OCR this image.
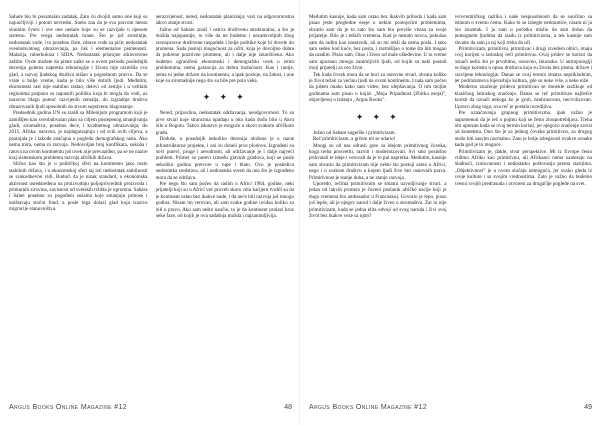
Sahare bio bi posamalan zadatak. Zato ću dvojiti samo one koji su najuočljiviji i potom nevredni. Snelo zna da je sva pravom mestu sionnim čvoru i sve one nedaće koje su se razvijale u njenom sistemu. Pre svega nedostatak hrane. Što je još stroslnije, nedostatak vode, i to posebno čiste, zdrave vode za piće; nedostatak sveobuhvatnog obrazovanja, pa čak i elementarne pismenosti. Malarija, tuberkuloza i SIDA. Nedostatak pristojne zdravstvene zaštite. Ovde možete da pitate zašto se u ovom periodu poslednjih decenija golema napretka tehnologije i života nije razrešila ova glad, a razvoj ljudskog društva otišao u pogrešnom pravcu. Da se vrate u bolje vreme, kada je bilo više dobrih ljudi. Međutim, ekonomski rast nije stabilno rastao, delovi od zemlje i u velikim regionima potpuno su napustili politiku koja bi mogla da vodi, uz naravno blagu pomoć razvijenih zemalja, do izgradnje društva obrazovanih ljudi sposobnih da stvore sopstveno blagostanje.

Predsednik godina UN su izašli sa Milenijum programom koji je zamišljen kao sveobuhvatan plan sa ciljem postepenog smanjivanja gladi, siromaštva, posebno dece, i kvalitetnog obrazovanja; do 2015. Afrika, naravno, je najdugotrajnija i od svih ovih ciljeva, a postojala je i takođe značajna u pogledu demografskog rasta. Ako nema mira, nema ni razvoja. Nedovoljan broj konflikata, sukoba i ratova na ovom kontinentu još uvek nije prevaziđen, pa se ne nazire kraj sistemskom problemu razvoja afričkih država.

Slično kao što je u političkoj sferi na kontinentu jako malo stabilnih država, i u ekonomskoj sferi taj isti nedostatak stabilnosti se svakodnevno vidi. Budući da je nizak standard, a ekonomska aktivnost usredsređena na proizvodnju poljoprivrednih proizvoda i primarnih sirovina, zavisnost od svetskih tržišta je ogromna. Sahara i Sahel posebno su pogođeni sušama koje smanjuju prinose i uništavaju stočni fond, a posle toga dolazi glad koja izaziva migracije stanovništva.

nerazvijenost, nered, nedostatak planiranja; vezi na odgovornostna takvo stanje stvari.

Južno od Sahare znači i ostrva društvenu strukturalnu, a što je možda najopasnije, to više da ne budemo i nezadovoljnih zbog ravnopravne društvene raspodele i bolje politike koje bi dovele do promena. Sada postoji mogućnost za očiti, koja je dovoljno dobra da pokrene pozitivne promene, ali i dalje nije iskorišćena. Ako budemo ograničeni ekonomski i demografski uvek u istim problemima, nema garancija za dobru budućnost. Kao i ranije, nema ni jedne države na kontinentu, a ipak postoje, na žalost, i one koje su siromašnije nego što su bile pre pola veka.

✦ ✦ ✦

Nered, prijavdina, nedostatak održavanja, neodgovornost. To su prve stvari koje strancima upadaju u oko kada dođu bilo u Akru bilo u Bogotu. Takvo iskustvo je moguće u skoro svakom afričkom gradu.

Doduše, u posednjih nekoliko decenija uloženo je u razne infrastrukturne projekte, i oni su doneli prve plodove. Izgrađeni su novi putevi, pruge i aerodromi, ali održavanje je i dalje najveći problem. Primer su putevi između glavnih gradova, koji se posle nekoliko godina pretvore u rupe i blato. Ovo je posledica nedostatka sredstava, ali i nedostatka svesti da ono što je izgrađeno mora da se održava.

Pre nego što sam počeo da radim u Africi 1984. godine, neki prijatelji koji su u Africi već proveli skoro celu karijeru tvrdili su da je kontinent ostao bez ikakve nade, i da neće biti razvoja još mnogo godina. Nisam im verovao, ali sam svake godine uviđao koliko su bili u pravu. Ako sam nešto naučio, to je da kontinent prolazi kroz neke faze, od kojih je ova sadašnja možda i najzanimljivija.

Argus Books Online Magazine #12	48

Međutim kasnije, kada sam ostao bez ikakvih prihoda i kada sam pisao jeste pregledne eseje o nekim postojećim problemima, shvatio sam da je to zato što sam bio previše vezan za svoje prijatelje. Bilo je i teških vremena. Kad je nestalo novca, pokušao sam da radim kao nastavnik, ali su mi rekli da nema posla. I tako sam sedeo kod kuće, bez posla, i razmišljao o tome šta bih mogao da uradim. Pisao sam, čitao i živeo od male ušteđevine. U to vreme sam upoznao mnogo zanimljivih ljudi, od kojih su neki postali moji prijatelji za ceo život.

Tek kada čovek mora da se bori za osnovne stvari, shvata koliko je život težak za većinu ljudi na ovom kontinentu. I tada sam počeo da pišem onako kako sam video, bez ulepšavanja. O tim mojim godinama sam pisao u knjizi „Moja Pripadnost (Zbirka eseja)”, objavljenoj u izdanju „Argus Books”.

✦ ✦ ✦

Južno od Sahare sugeriše i primitivizam.

Reč primitivizam, a grčem mi se udario!

Mnogi su od nas odrasli gore sa idejom primitivnog čoveka, koga treba prosvetiti, razviti i modernizovati. Svi smo poslušno prihvatali te ideje i verovali da je to put napretka. Međutim, kasnije sam shvatio da primitivizam nije nešto što postoji samo u Africi, nego i u svakom društvu u kojem ljudi žive bez osnovnih prava. Primitivnost je stanje duha, a ne stanje razvoja.

Uporedo, rečima primitivnim se smatra uzvodjivanje stvari, a jedan od takvih primera je čuveni poslanik afričke nacije koji je dugo vremena bio ambasador u Francuskoj. Govorio je lepo, pisao još lepše, ali je njegov narod i dalje živeo u siromaštvu. Zar to nije primitivizam, kada se jedna elita odvoji od svog naroda i živi svoj život bez ikakve veze sa njim?

evrocentričkog razlika i naše nesposobnosti da se suočimo sa istinom o svemu čemu. Kako bi se izbegle nedoumice, nisam ni ja bio izuzetak. I ja sam u početku mislio da sam došao da pomognem ljudima da izađu iz primitivizma, a tek kasnije sam shvatio da sam ja taj koji treba da uči.

Primitivizam, primitivni, primitivac i drugi izvedeni oblici, imaju svoj korijen u latinskoj reči primitivus. Ovaj pridev se koristi da označi nešto što je prvobitno, osnovno, iskonsko. U antropologiji se dugo koristio u opisu društava koja su živela bez pisma, države i razvijene tehnologije. Danas se ovaj termin smatra neprikladnim, jer podrazumeva hijerarhiju kultura, gde su neke više, a neke niže.

Moderno značenje prideva primitivan se donekle razlikuje od klasičnog latinskog značenja. Danas se reč primitivan najčešće koristi da označi nekoga ko je grub, neobrazovan, necivilizovan. Upravo zbog toga, ova reč je postala uvredljiva.

Pre označavanja grupnog primitivizma, ipak važno je napomenuti da je reč o pojmu koji se često zloupotrebljava. Treba biti oprezan kada se ovaj termin koristi, jer njegovo značenje zavisi od konteksta. Ono što je za jednog čoveka primitivno, za drugog može biti sasvim normalno. Zato je bolje izbegavati ovakve oznake kada god je to moguće.

Primitivizam je, dakle, stvar perspektive. Mi iz Evrope često vidimo Afriku kao primitivnu, ali Afrikanci nama zameraju na hladnoći, izolovanosti i nedostatku poštovanja prema starijima. „Objektivnost” je u ovom slučaju nemoguća, jer svako gleda iz svoje kulture i sa svojim vrednostima. Zato je važno da budemo svesni svojih predrasuda i otvoreni za drugačije poglede na svet.

Argus Books Online Magazine #12	49
